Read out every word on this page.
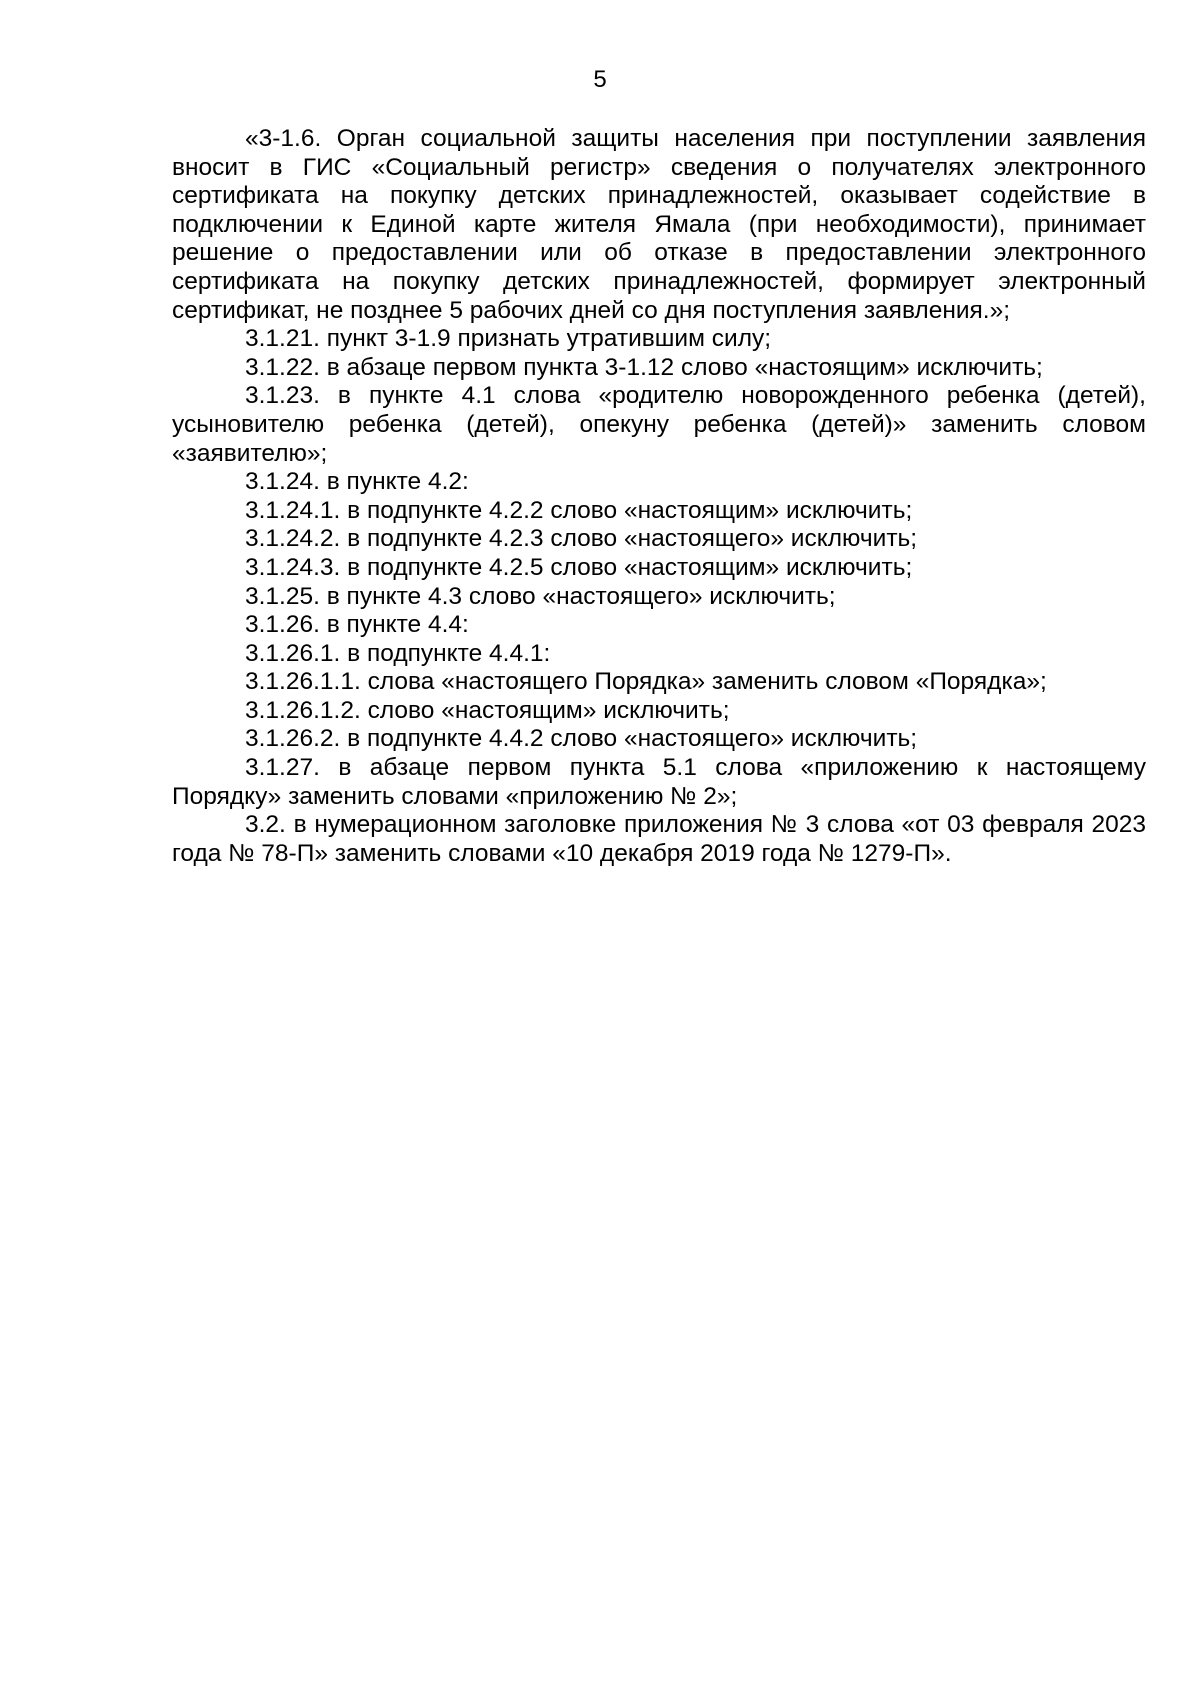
5

«3-1.6. Орган социальной защиты населения при поступлении заявления вносит в ГИС «Социальный регистр» сведения о получателях электронного сертификата на покупку детских принадлежностей, оказывает содействие в подключении к Единой карте жителя Ямала (при необходимости), принимает решение о предоставлении или об отказе в предоставлении электронного сертификата на покупку детских принадлежностей, формирует электронный сертификат, не позднее 5 рабочих дней со дня поступления заявления.»;

3.1.21. пункт 3-1.9 признать утратившим силу;

3.1.22. в абзаце первом пункта 3-1.12 слово «настоящим» исключить;

3.1.23. в пункте 4.1 слова «родителю новорожденного ребенка (детей), усыновителю ребенка (детей), опекуну ребенка (детей)» заменить словом «заявителю»;

3.1.24. в пункте 4.2:

3.1.24.1. в подпункте 4.2.2 слово «настоящим» исключить;

3.1.24.2. в подпункте 4.2.3 слово «настоящего» исключить;

3.1.24.3. в подпункте 4.2.5 слово «настоящим» исключить;

3.1.25. в пункте 4.3 слово «настоящего» исключить;

3.1.26. в пункте 4.4:

3.1.26.1. в подпункте 4.4.1:

3.1.26.1.1. слова «настоящего Порядка» заменить словом «Порядка»;

3.1.26.1.2. слово «настоящим» исключить;

3.1.26.2. в подпункте 4.4.2 слово «настоящего» исключить;

3.1.27. в абзаце первом пункта 5.1 слова «приложению к настоящему Порядку» заменить словами «приложению № 2»;

3.2. в нумерационном заголовке приложения № 3 слова «от 03 февраля 2023 года № 78-П» заменить словами «10 декабря 2019 года № 1279-П».
